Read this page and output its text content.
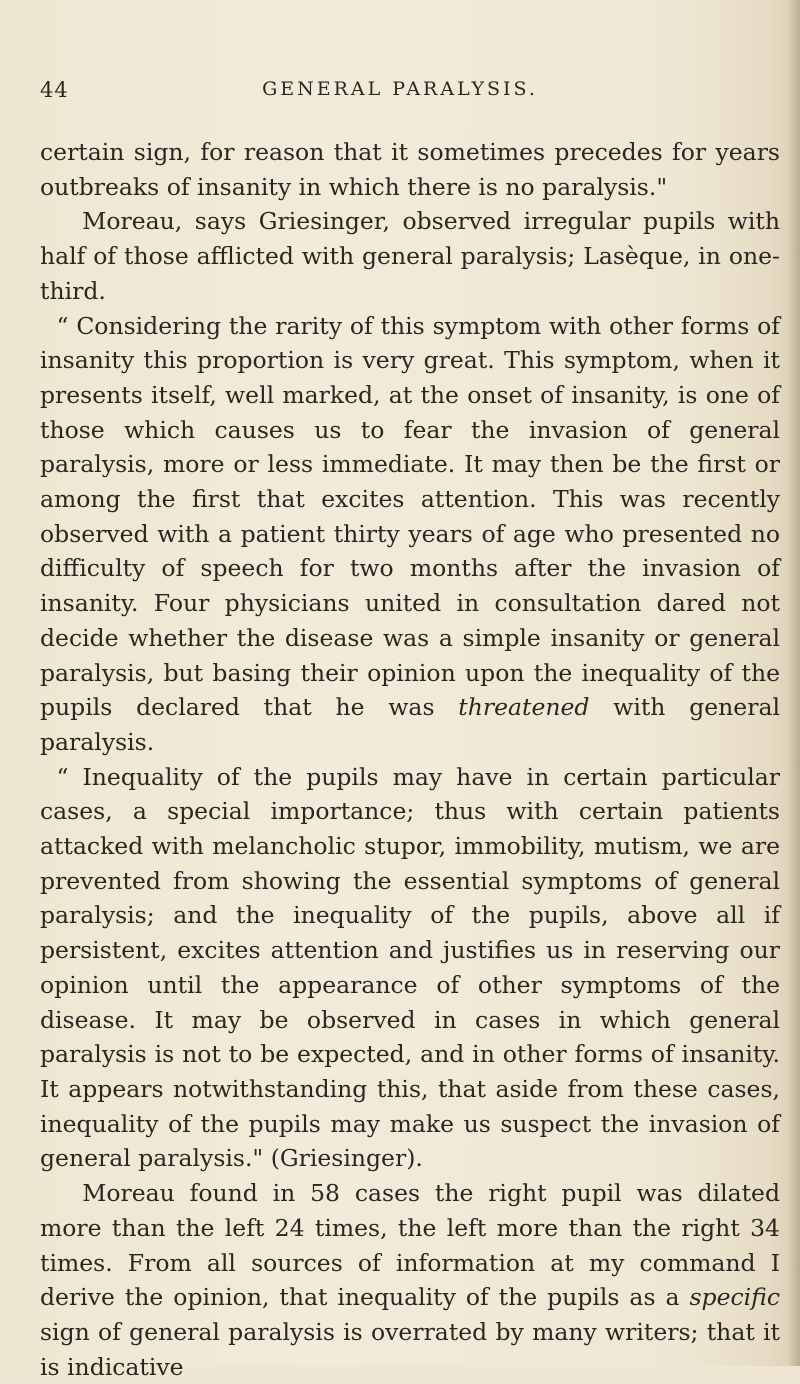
44	GENERAL PARALYSIS.

certain sign, for reason that it sometimes precedes for years outbreaks of insanity in which there is no paralysis."

Moreau, says Griesinger, observed irregular pupils with half of those afflicted with general paralysis; Lasèque, in one-third.

“ Considering the rarity of this symptom with other forms of insanity this proportion is very great. This symptom, when it presents itself, well marked, at the onset of insanity, is one of those which causes us to fear the invasion of general paralysis, more or less immediate. It may then be the first or among the first that excites attention. This was recently observed with a patient thirty years of age who presented no difficulty of speech for two months after the invasion of insanity. Four physicians united in consultation dared not decide whether the disease was a simple insanity or general paralysis, but basing their opinion upon the inequality of the pupils declared that he was threatened with general paralysis.

“ Inequality of the pupils may have in certain particular cases, a special importance; thus with certain patients attacked with melancholic stupor, immobility, mutism, we are prevented from showing the essential symptoms of general paralysis; and the inequality of the pupils, above all if persistent, excites attention and justifies us in reserving our opinion until the appearance of other symptoms of the disease. It may be observed in cases in which general paralysis is not to be expected, and in other forms of insanity. It appears notwithstanding this, that aside from these cases, inequality of the pupils may make us suspect the invasion of general paralysis." (Griesinger).

Moreau found in 58 cases the right pupil was dilated more than the left 24 times, the left more than the right 34 times. From all sources of information at my command I derive the opinion, that inequality of the pupils as a specific sign of general paralysis is overrated by many writers; that it is indicative
